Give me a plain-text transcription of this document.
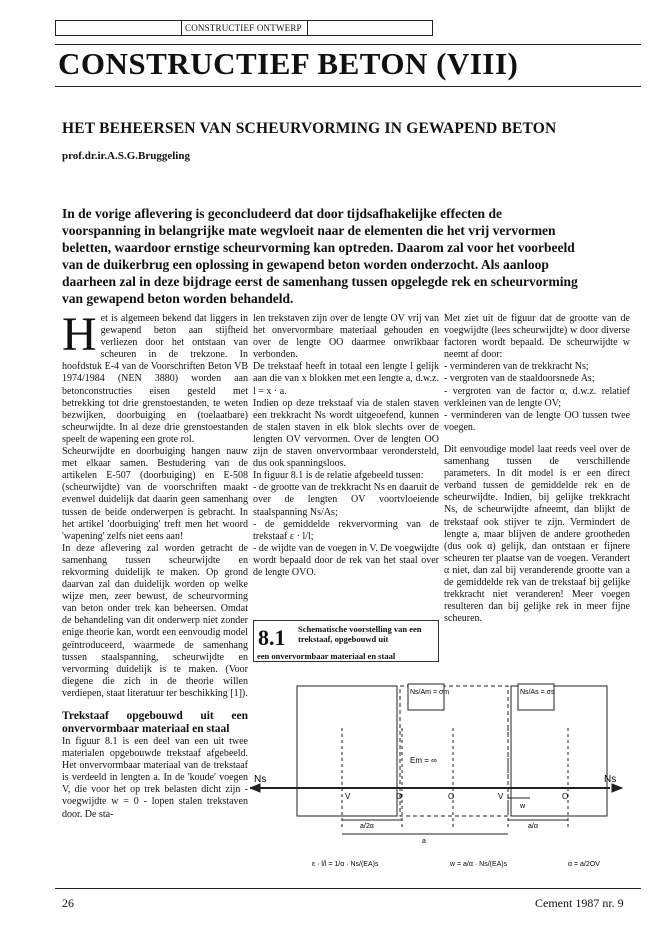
CONSTRUCTIEF ONTWERP
CONSTRUCTIEF BETON (VIII)
HET BEHEERSEN VAN SCHEURVORMING IN GEWAPEND BETON
prof.dr.ir.A.S.G.Bruggeling
In de vorige aflevering is geconcludeerd dat door tijdsafhakelijke effecten de voorspanning in belangrijke mate wegvloeit naar de elementen die het vrij vervormen beletten, waardoor ernstige scheurvorming kan optreden. Daarom zal voor het voorbeeld van de duikerbrug een oplossing in gewapend beton worden onderzocht. Als aanloop daarheen zal in deze bijdrage eerst de samenhang tussen opgelegde rek en scheurvorming van gewapend beton worden behandeld.

Het is algemeen bekend dat liggers in gewapend beton aan stijfheid verliezen door het ontstaan van scheuren in de trekzone. In hoofdstuk E-4 van de Voorschriften Beton VB 1974/1984 (NEN 3880) worden aan betonconstructies eisen gesteld met betrekking tot drie grenstoestanden, te weten bezwijken, doorbuiging en (toelaatbare) scheurwijdte. In al deze drie grenstoestanden speelt de wapening een grote rol.

Scheurwijdte en doorbuiging hangen nauw met elkaar samen. Bestudering van de artikelen E-507 (doorbuiging) en E-508 (scheurwijdte) van de voorschriften maakt evenwel duidelijk dat daarin geen samenhang tussen de beide onderwerpen is gebracht. In het artikel 'doorbuiging' treft men het woord 'wapening' zelfs niet eens aan!

In deze aflevering zal worden getracht de samenhang tussen scheurwijdte en rekvorming duidelijk te maken. Op grond daarvan zal dan duidelijk worden op welke wijze men, zeer bewust, de scheurvorming van beton onder trek kan beheersen. Omdat de behandeling van dit onderwerp niet zonder enige theorie kan, wordt een eenvoudig model geïntroduceerd, waarmede de samenhang tussen staalspanning, scheurwijdte en vervorming duidelijk is te maken. (Voor diegene die zich in de theorie willen verdiepen, staat literatuur ter beschikking [1]).

Trekstaaf opgebouwd uit een onvervormbaar materiaal en staal

In figuur 8.1 is een deel van een uit twee materialen opgebouwde trekstaaf afgebeeld. Het onvervormbaar materiaal van de trekstaaf is verdeeld in lengten a. In de 'koude' voegen V, die voor het op trek belasten dicht zijn - voegwijdte w = 0 - lopen stalen trekstaven door. De sta-

len trekstaven zijn over de lengte OV vrij van het onvervormbare materiaal gehouden en over de lengte OO daarmee onwrikbaar verbonden.

De trekstaaf heeft in totaal een lengte l gelijk aan die van x blokken met een lengte a, d.w.z. l = x · a.

Indien op deze trekstaaf via de stalen staven een trekkracht Ns wordt uitgeoefend, kunnen de stalen staven in elk blok slechts over de lengten OV vervormen. Over de lengten OO zijn de staven onvervormbaar verondersteld, dus ook spanningsloos.

In figuur 8.1 is de relatie afgebeeld tussen:

- de grootte van de trekkracht Ns en daaruit de over de lengten OV voortvloeiende staalspanning Ns/As;

- de gemiddelde rekvervorming van de trekstaaf ε · l/l;

- de wijdte van de voegen in V. De voegwijdte wordt bepaald door de rek van het staal over de lengte OVO.

8.1 Schematische voorstelling van een trekstaaf, opgebouwd uit
een onvervormbaar materiaal en staal

Met ziet uit de figuur dat de grootte van de voegwijdte (lees scheurwijdte) w door diverse factoren wordt bepaald. De scheurwijdte w neemt af door:

- verminderen van de trekkracht Ns;

- vergroten van de staaldoorsnede As;

- vergroten van de factor α, d.w.z. relatief verkleinen van de lengte OV;

- verminderen van de lengte OO tussen twee voegen.

Dit eenvoudige model laat reeds veel over de samenhang tussen de verschillende parameters. In dit model is er een direct verband tussen de gemiddelde rek en de scheurwijdte. Indien, bij gelijke trekkracht Ns, de scheurwijdte afneemt, dan blijkt de trekstaaf ook stijver te zijn. Vermindert de lengte a, maar blijven de andere grootheden (dus ook α) gelijk, dan ontstaan er fijnere scheuren ter plaatse van de voegen. Verandert α niet, dan zal bij veranderende grootte van a de gemiddelde rek van de trekstaaf bij gelijke trekkracht niet veranderen! Meer voegen resulteren dan bij gelijke rek in meer fijne scheuren.

Ns/Am = σm	Ns/As = σs
Em = ∞
Ns	Ns
V	V
O	O	O
w
a/2α	a/α
a
ε · l/l = 1/α · Ns/(EA)s	w = a/α · Ns/(EA)s	α = a/2OV
26	Cement 1987 nr. 9
